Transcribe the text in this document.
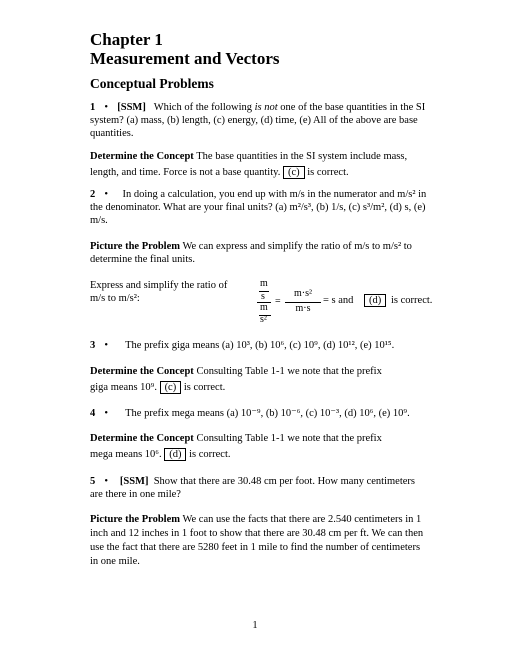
Chapter 1
Measurement and Vectors
Conceptual Problems
1 • [SSM] Which of the following is not one of the base quantities in the SI system? (a) mass, (b) length, (c) energy, (d) time, (e) All of the above are base quantities.
Determine the Concept The base quantities in the SI system include mass, length, and time. Force is not a base quantity. (c) is correct.
2 • In doing a calculation, you end up with m/s in the numerator and m/s² in the denominator. What are your final units? (a) m²/s³, (b) 1/s, (c) s³/m², (d) s, (e) m/s.
Picture the Problem We can express and simplify the ratio of m/s to m/s² to determine the final units.
Express and simplify the ratio of m/s to m/s²:
m
s
m
s²
=
m·s²
m·s
= s and	(d) is correct.
3 • The prefix giga means (a) 10³, (b) 10⁶, (c) 10⁹, (d) 10¹², (e) 10¹⁵.
Determine the Concept Consulting Table 1-1 we note that the prefix giga means 10⁹. (c) is correct.
4 • The prefix mega means (a) 10⁻⁹, (b) 10⁻⁶, (c) 10⁻³, (d) 10⁶, (e) 10⁹.
Determine the Concept Consulting Table 1-1 we note that the prefix mega means 10⁶. (d) is correct.
5 • [SSM] Show that there are 30.48 cm per foot. How many centimeters are there in one mile?
Picture the Problem We can use the facts that there are 2.540 centimeters in 1 inch and 12 inches in 1 foot to show that there are 30.48 cm per ft. We can then use the fact that there are 5280 feet in 1 mile to find the number of centimeters in one mile.
1
